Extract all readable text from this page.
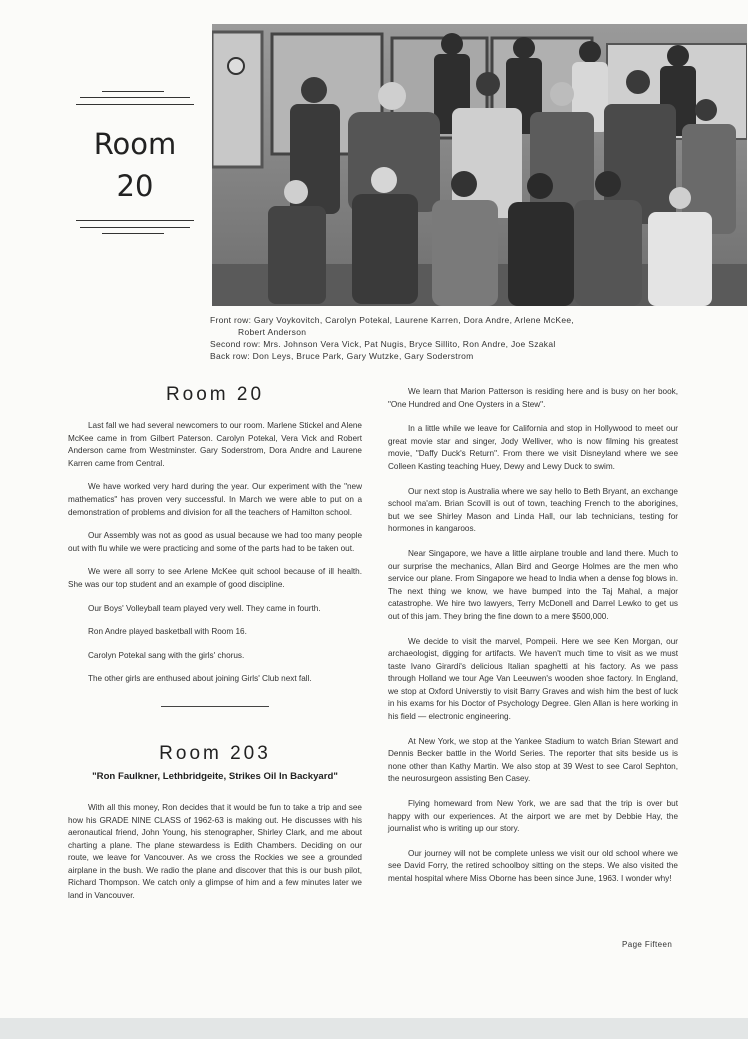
Room
20
Front row: Gary Voykovitch, Carolyn Potekal, Laurene Karren, Dora Andre, Arlene McKee,
Robert Anderson
Second row: Mrs. Johnson Vera Vick, Pat Nugis, Bryce Sillito, Ron Andre, Joe Szakal
Back row: Don Leys, Bruce Park, Gary Wutzke, Gary Soderstrom
Room 20

Last fall we had several newcomers to our room. Marlene Stickel and Alene McKee came in from Gilbert Paterson. Carolyn Potekal, Vera Vick and Robert Anderson came from Westminster. Gary Soderstrom, Dora Andre and Laurene Karren came from Central.

We have worked very hard during the year. Our experiment with the "new mathematics" has proven very successful. In March we were able to put on a demonstration of problems and division for all the teachers of Hamilton school.

Our Assembly was not as good as usual because we had too many people out with flu while we were practicing and some of the parts had to be taken out.

We were all sorry to see Arlene McKee quit school because of ill health. She was our top student and an example of good discipline.

Our Boys' Volleyball team played very well. They came in fourth.

Ron Andre played basketball with Room 16.

Carolyn Potekal sang with the girls' chorus.

The other girls are enthused about joining Girls' Club next fall.

Room 203
"Ron Faulkner, Lethbridgeite, Strikes Oil In Backyard"

With all this money, Ron decides that it would be fun to take a trip and see how his GRADE NINE CLASS of 1962-63 is making out. He discusses with his aeronautical friend, John Young, his stenographer, Shirley Clark, and me about charting a plane. The plane stewardess is Edith Chambers. Deciding on our route, we leave for Vancouver. As we cross the Rockies we see a grounded airplane in the bush. We radio the plane and discover that this is our bush pilot, Richard Thompson. We catch only a glimpse of him and a few minutes later we land in Vancouver.

We learn that Marion Patterson is residing here and is busy on her book, "One Hundred and One Oysters in a Stew".

In a little while we leave for California and stop in Hollywood to meet our great movie star and singer, Jody Welliver, who is now filming his greatest movie, "Daffy Duck's Return". From there we visit Disneyland where we see Colleen Kasting teaching Huey, Dewy and Lewy Duck to swim.

Our next stop is Australia where we say hello to Beth Bryant, an exchange school ma'am. Brian Scovill is out of town, teaching French to the aborigines, but we see Shirley Mason and Linda Hall, our lab technicians, testing for hormones in kangaroos.

Near Singapore, we have a little airplane trouble and land there. Much to our surprise the mechanics, Allan Bird and George Holmes are the men who service our plane. From Singapore we head to India when a dense fog blows in. The next thing we know, we have bumped into the Taj Mahal, a major catastrophe. We hire two lawyers, Terry McDonell and Darrel Lewko to get us out of this jam. They bring the fine down to a mere $500,000.

We decide to visit the marvel, Pompeii. Here we see Ken Morgan, our archaeologist, digging for artifacts. We haven't much time to visit as we must taste Ivano Girardi's delicious Italian spaghetti at his factory. As we pass through Holland we tour Age Van Leeuwen's wooden shoe factory. In England, we stop at Oxford Universtiy to visit Barry Graves and wish him the best of luck in his exams for his Doctor of Psychology Degree. Glen Allan is here working in his field — electronic engineering.

At New York, we stop at the Yankee Stadium to watch Brian Stewart and Dennis Becker battle in the World Series. The reporter that sits beside us is none other than Kathy Martin. We also stop at 39 West to see Carol Sephton, the neurosurgeon assisting Ben Casey.

Flying homeward from New York, we are sad that the trip is over but happy with our experiences. At the airport we are met by Debbie Hay, the journalist who is writing up our story.

Our journey will not be complete unless we visit our old school where we see David Forry, the retired schoolboy sitting on the steps. We also visited the mental hospital where Miss Oborne has been since June, 1963. I wonder why!

Page Fifteen
